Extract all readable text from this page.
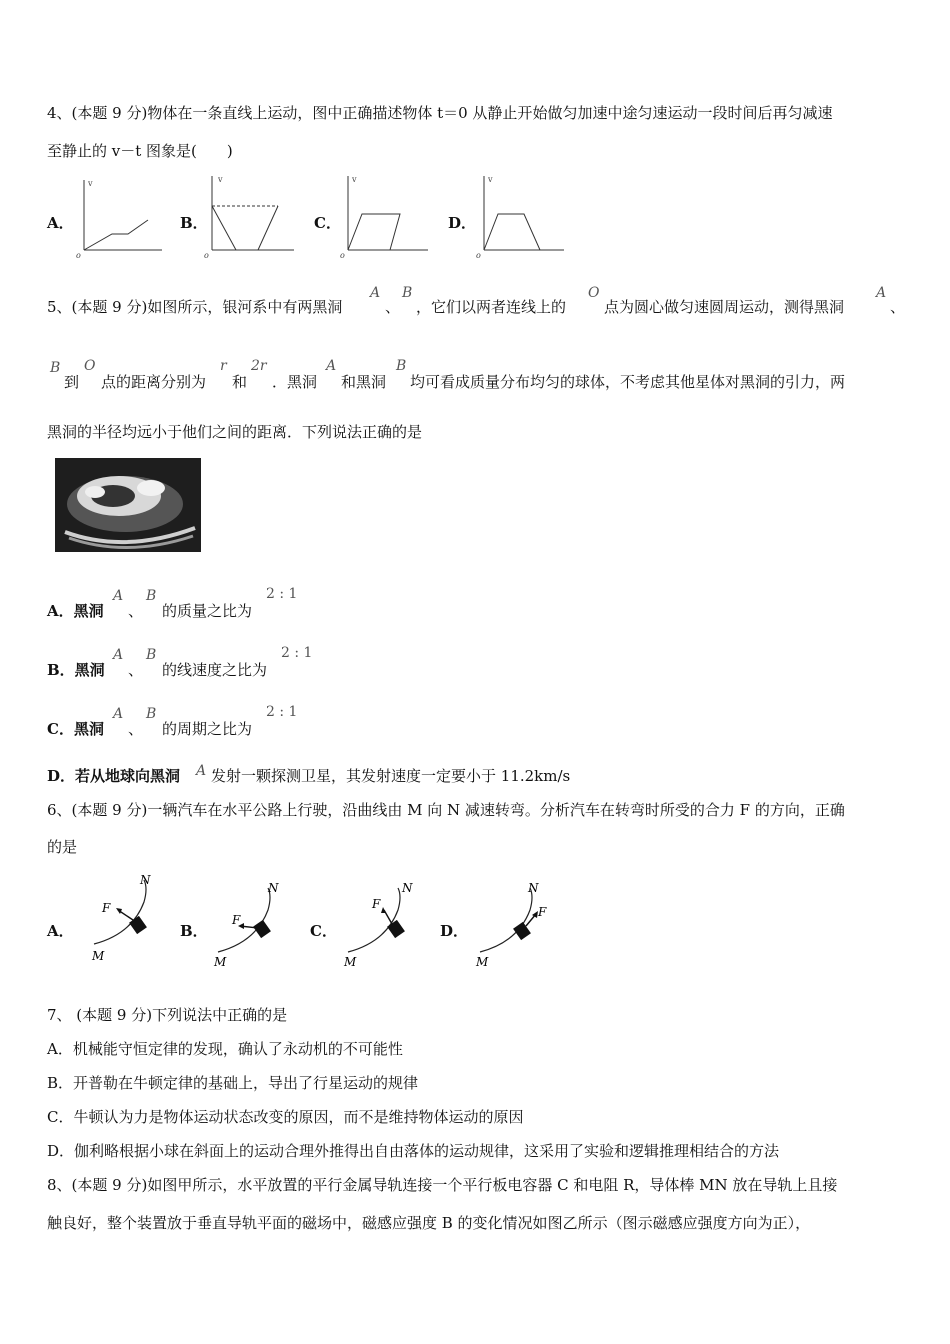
4、(本题 9 分)物体在一条直线上运动，图中正确描述物体 t＝0 从静止开始做匀加速中途匀速运动一段时间后再匀减速
至静止的 v－t 图象是(　　)
A．
v
o
B．
v
o
C．
v
o
D．
v
o
5、(本题 9 分)如图所示，银河系中有两黑洞
A
、
B
，它们以两者连线上的
O
点为圆心做匀速圆周运动，测得黑洞
A
、
B
到
O
点的距离分别为
r
和
2r
．黑洞
A
和黑洞
B
均可看成质量分布均匀的球体，不考虑其他星体对黑洞的引力，两
黑洞的半径均远小于他们之间的距离．下列说法正确的是
A．黑洞
A
、
B
的质量之比为
2 : 1
B．黑洞
A
、
B
的线速度之比为
2 : 1
C．黑洞
A
、
B
的周期之比为
2 : 1
D．若从地球向黑洞 A 发射一颗探测卫星，其发射速度一定要小于 11.2km/s
6、(本题 9 分)一辆汽车在水平公路上行驶，沿曲线由 M 向 N 减速转弯。分析汽车在转弯时所受的合力 F 的方向，正确
的是
A．
N
F
M
B．
N
F
M
C．
N
F
M
D．
N
F
M
7、 (本题 9 分)下列说法中正确的是
A．机械能守恒定律的发现，确认了永动机的不可能性
B．开普勒在牛顿定律的基础上，导出了行星运动的规律
C．牛顿认为力是物体运动状态改变的原因，而不是维持物体运动的原因
D．伽利略根据小球在斜面上的运动合理外推得出自由落体的运动规律，这采用了实验和逻辑推理相结合的方法
8、(本题 9 分)如图甲所示，水平放置的平行金属导轨连接一个平行板电容器 C 和电阻 R，导体棒 MN 放在导轨上且接
触良好，整个装置放于垂直导轨平面的磁场中，磁感应强度 B 的变化情况如图乙所示（图示磁感应强度方向为正），
